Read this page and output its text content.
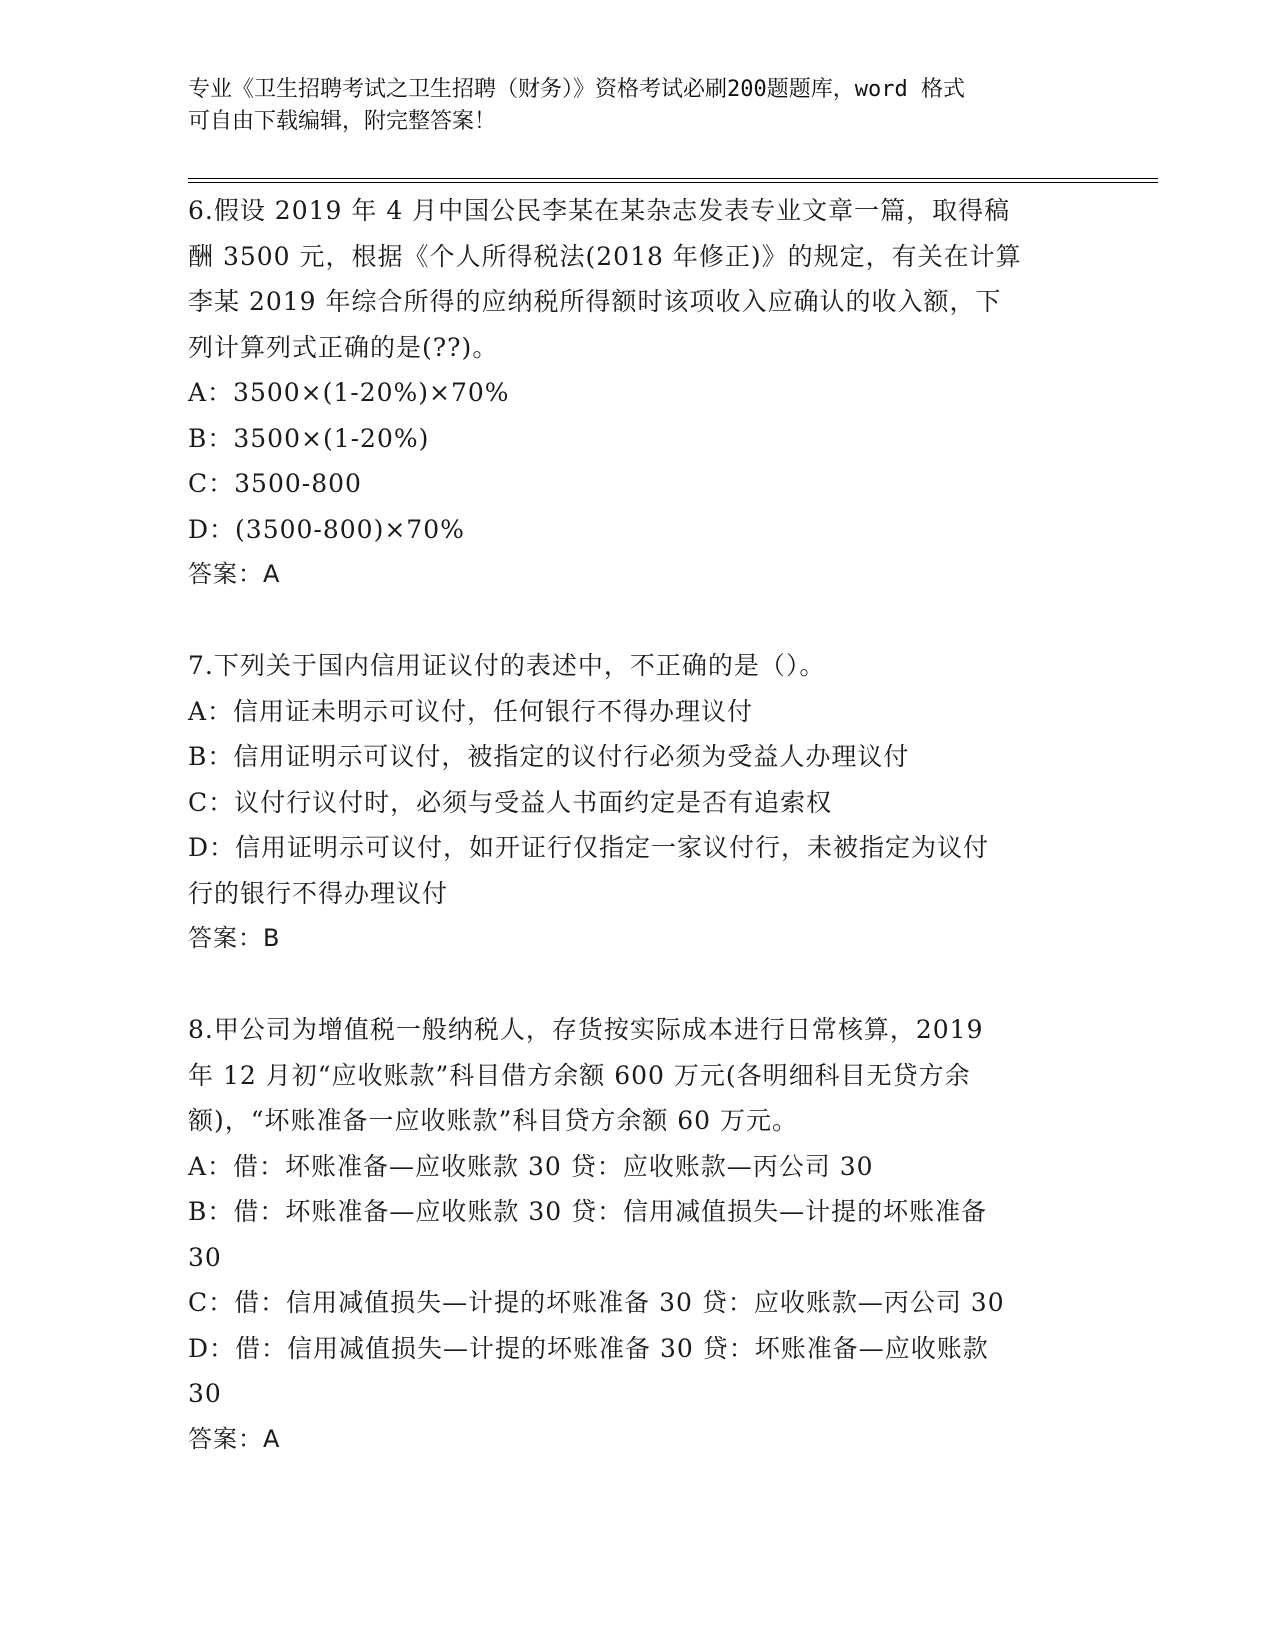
专业《卫生招聘考试之卫生招聘（财务）》资格考试必刷200题题库，word 格式
可自由下载编辑，附完整答案！
6.假设 2019 年 4 月中国公民李某在某杂志发表专业文章一篇，取得稿
酬 3500 元，根据《个人所得税法(2018 年修正)》的规定，有关在计算
李某 2019 年综合所得的应纳税所得额时该项收入应确认的收入额，下
列计算列式正确的是(??)。
A：3500×(1-20%)×70%
B：3500×(1-20%)
C：3500-800
D：(3500-800)×70%
答案：A
7.下列关于国内信用证议付的表述中，不正确的是（）。
A：信用证未明示可议付，任何银行不得办理议付
B：信用证明示可议付，被指定的议付行必须为受益人办理议付
C：议付行议付时，必须与受益人书面约定是否有追索权
D：信用证明示可议付，如开证行仅指定一家议付行，未被指定为议付
行的银行不得办理议付
答案：B
8.甲公司为增值税一般纳税人，存货按实际成本进行日常核算，2019
年 12 月初“应收账款”科目借方余额 600 万元(各明细科目无贷方余
额)，“坏账准备一应收账款”科目贷方余额 60 万元。
A：借：坏账准备—应收账款 30 贷：应收账款—丙公司 30
B：借：坏账准备—应收账款 30 贷：信用减值损失—计提的坏账准备
30
C：借：信用减值损失—计提的坏账准备 30 贷：应收账款—丙公司 30
D：借：信用减值损失—计提的坏账准备 30 贷：坏账准备—应收账款
30
答案：A
